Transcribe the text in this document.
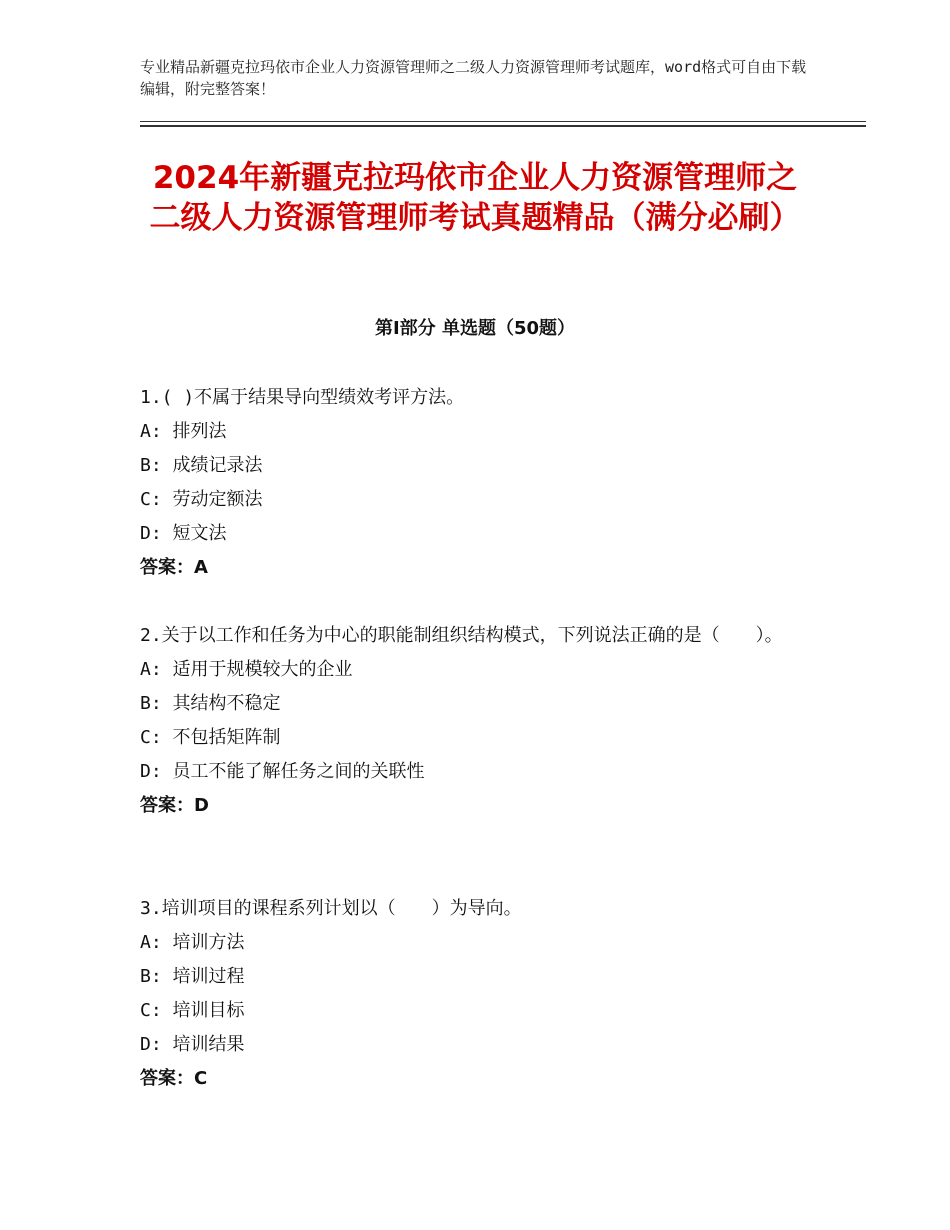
专业精品新疆克拉玛依市企业人力资源管理师之二级人力资源管理师考试题库，word格式可自由下载编辑，附完整答案！
2024年新疆克拉玛依市企业人力资源管理师之二级人力资源管理师考试真题精品（满分必刷）
第Ⅰ部分 单选题（50题）
1.( )不属于结果导向型绩效考评方法。
A: 排列法
B: 成绩记录法
C: 劳动定额法
D: 短文法
答案：A
2.关于以工作和任务为中心的职能制组织结构模式，下列说法正确的是（　　）。
A: 适用于规模较大的企业
B: 其结构不稳定
C: 不包括矩阵制
D: 员工不能了解任务之间的关联性
答案：D
3.培训项目的课程系列计划以（　　）为导向。
A: 培训方法
B: 培训过程
C: 培训目标
D: 培训结果
答案：C
